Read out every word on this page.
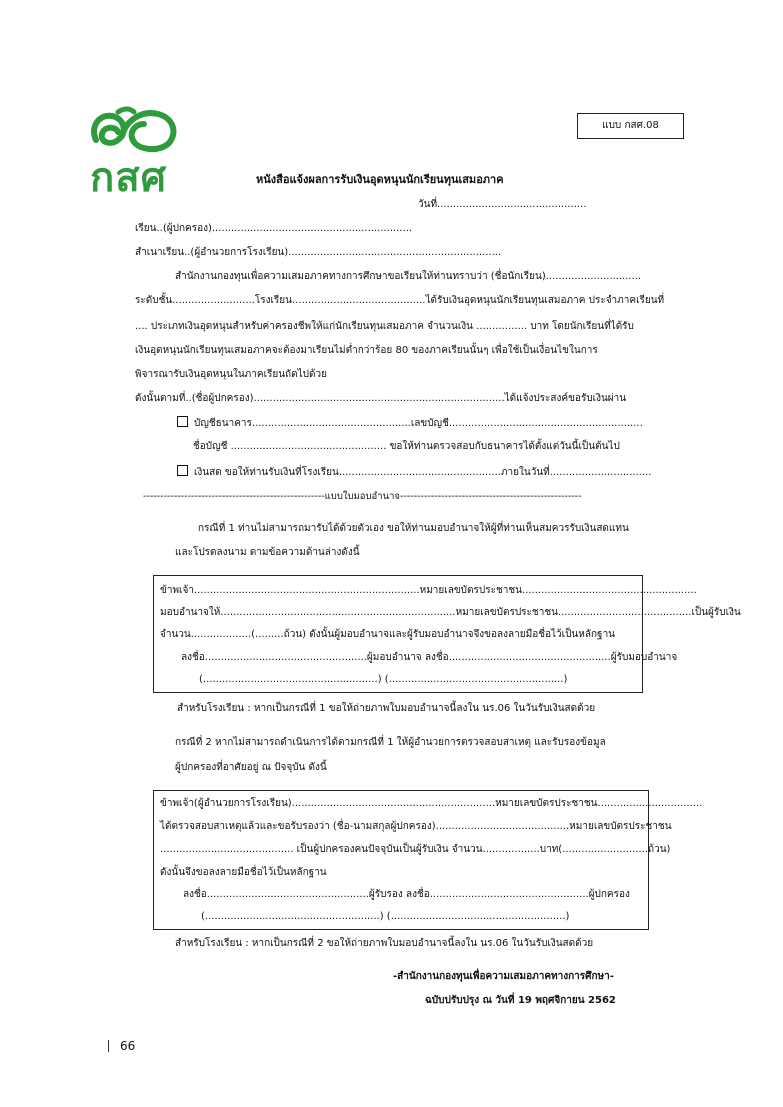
กสศ
แบบ กสศ.08
หนังสือแจ้งผลการรับเงินอุดหนุนนักเรียนทุนเสมอภาค
วันที่...............................................
เรียน..(ผู้ปกครอง)...............................................................
สำเนาเรียน..(ผู้อำนวยการโรงเรียน)...................................................................
สำนักงานกองทุนเพื่อความเสมอภาคทางการศึกษาขอเรียนให้ท่านทราบว่า (ชื่อนักเรียน)..............................
ระดับชั้น..........................โรงเรียน..........................................ได้รับเงินอุดหนุนนักเรียนทุนเสมอภาค ประจำภาคเรียนที่
.... ประเภทเงินอุดหนุนสำหรับค่าครองชีพให้แก่นักเรียนทุนเสมอภาค จำนวนเงิน ................ บาท โดยนักเรียนที่ได้รับ
เงินอุดหนุนนักเรียนทุนเสมอภาคจะต้องมาเรียนไม่ต่ำกว่าร้อย 80 ของภาคเรียนนั้นๆ เพื่อใช้เป็นเงื่อนไขในการ
พิจารณารับเงินอุดหนุนในภาคเรียนถัดไปด้วย
ดังนั้นตามที่..(ชื่อผู้ปกครอง)...............................................................................ได้แจ้งประสงค์ขอรับเงินผ่าน
บัญชีธนาคาร..................................................เลขบัญชี.............................................................
ชื่อบัญชี ................................................. ขอให้ท่านตรวจสอบกับธนาคารได้ตั้งแต่วันนี้เป็นต้นไป
เงินสด ขอให้ท่านรับเงินที่โรงเรียน...................................................ภายในวันที่................................
-----------------------------------------------------แบบใบมอบอำนาจ-----------------------------------------------------
กรณีที่ 1 ท่านไม่สามารถมารับได้ด้วยตัวเอง ขอให้ท่านมอบอำนาจให้ผู้ที่ท่านเห็นสมควรรับเงินสดแทน
และโปรดลงนาม ตามข้อความด้านล่างดังนี้
ข้าพเจ้า.......................................................................หมายเลขบัตรประชาชน.......................................................
มอบอำนาจให้..........................................................................หมายเลขบัตรประชาชน..........................................เป็นผู้รับเงิน
จำนวน...................(.........ถ้วน) ดังนั้นผู้มอบอำนาจและผู้รับมอบอำนาจจึงขอลงลายมือชื่อไว้เป็นหลักฐาน
ลงชื่อ...................................................ผู้มอบอำนาจ ลงชื่อ...................................................ผู้รับมอบอำนาจ
(.......................................................) (.......................................................)
สำหรับโรงเรียน : หากเป็นกรณีที่ 1 ขอให้ถ่ายภาพใบมอบอำนาจนี้ลงใน นร.06 ในวันรับเงินสดด้วย
กรณีที่ 2 หากไม่สามารถดำเนินการได้ตามกรณีที่ 1 ให้ผู้อำนวยการตรวจสอบสาเหตุ และรับรองข้อมูล
ผู้ปกครองที่อาศัยอยู่ ณ ปัจจุบัน ดังนี้
ข้าพเจ้า(ผู้อำนวยการโรงเรียน)................................................................หมายเลขบัตรประชาชน.................................
ได้ตรวจสอบสาเหตุแล้วและขอรับรองว่า (ชื่อ-นามสกุลผู้ปกครอง)..........................................หมายเลขบัตรประชาชน
.......................................... เป็นผู้ปกครองคนปัจจุบันเป็นผู้รับเงิน จำนวน..................บาท(...........................ถ้วน)
ดังนั้นจึงขอลงลายมือชื่อไว้เป็นหลักฐาน
ลงชื่อ...................................................ผู้รับรอง ลงชื่อ..................................................ผู้ปกครอง
(.......................................................) (.......................................................)
สำหรับโรงเรียน : หากเป็นกรณีที่ 2 ขอให้ถ่ายภาพใบมอบอำนาจนี้ลงใน นร.06 ในวันรับเงินสดด้วย
-สำนักงานกองทุนเพื่อความเสมอภาคทางการศึกษา-
ฉบับปรับปรุง ณ วันที่ 19 พฤศจิกายน 2562
66
